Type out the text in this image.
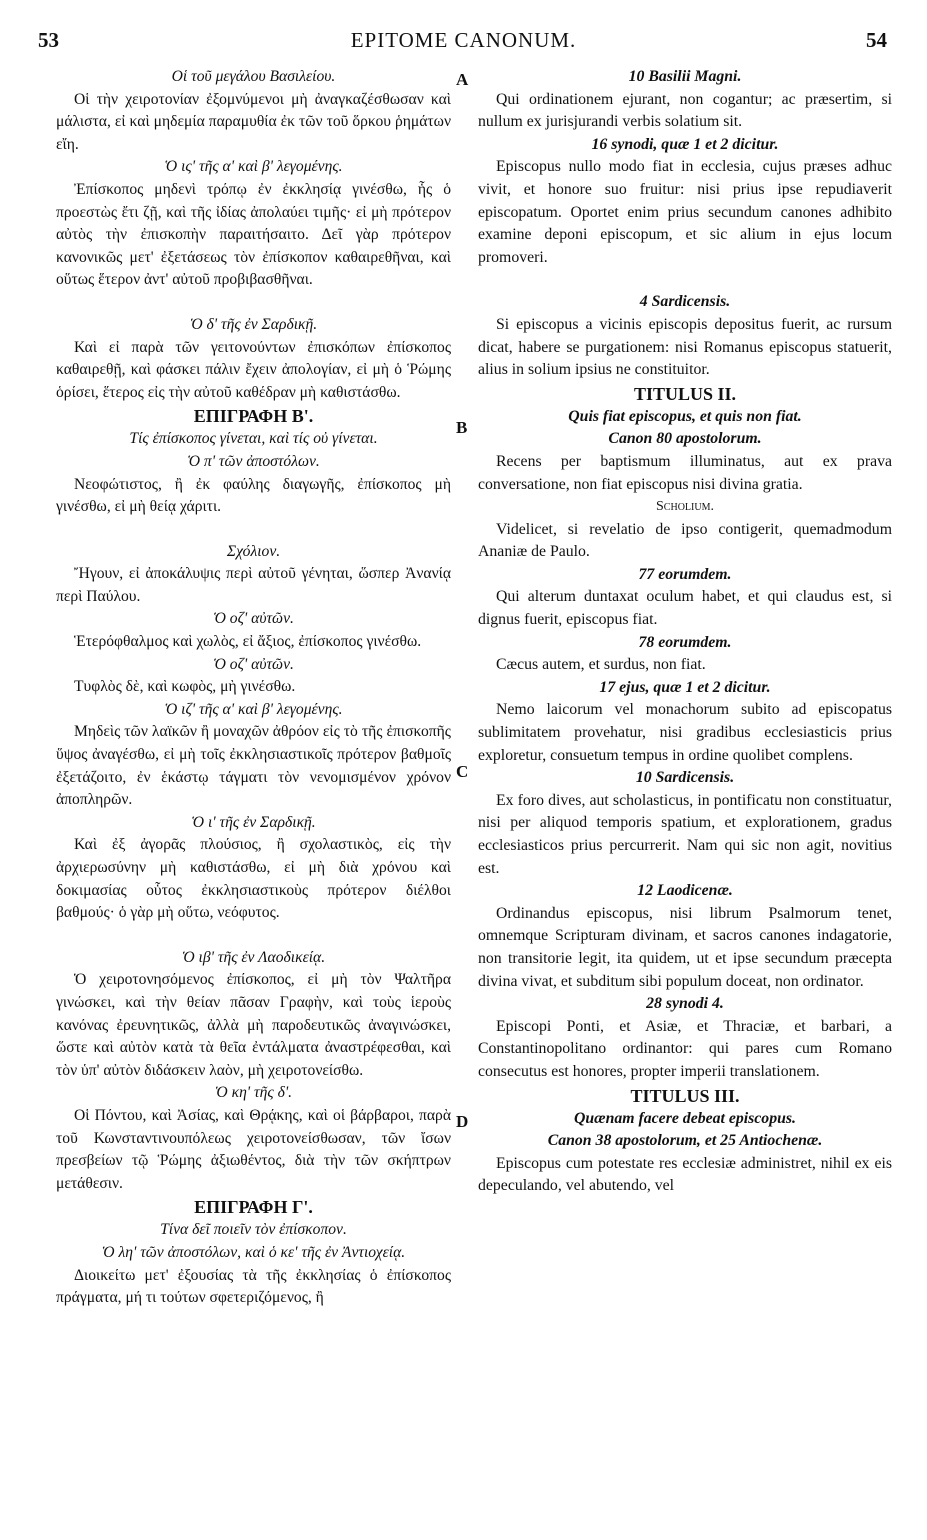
53	EPITOME CANONUM.	54
Οἱ τοῦ μεγάλου Βασιλείου.

Οἱ τὴν χειροτονίαν ἐξομνύμενοι μὴ ἀναγκαζέσθωσαν καὶ μάλιστα, εἰ καὶ μηδεμία παραμυθία ἐκ τῶν τοῦ ὅρκου ῥημάτων εἴη.

Ὁ ις' τῆς α' καὶ β' λεγομένης.

Ἐπίσκοπος μηδενὶ τρόπῳ ἐν ἐκκλησίᾳ γινέσθω, ἧς ὁ προεστὼς ἔτι ζῇ, καὶ τῆς ἰδίας ἀπολαύει τιμῆς· εἰ μὴ πρότερον αὐτὸς τὴν ἐπισκοπὴν παραιτήσαιτο. Δεῖ γὰρ πρότερον κανονικῶς μετ' ἐξετάσεως τὸν ἐπίσκοπον καθαιρεθῆναι, καὶ οὕτως ἕτερον ἀντ' αὐτοῦ προβιβασθῆναι.

Ὁ δ' τῆς ἐν Σαρδικῇ.

Καὶ εἰ παρὰ τῶν γειτονούντων ἐπισκόπων ἐπίσκοπος καθαιρεθῇ, καὶ φάσκει πάλιν ἔχειν ἀπολογίαν, εἰ μὴ ὁ Ῥώμης ὁρίσει, ἕτερος εἰς τὴν αὐτοῦ καθέδραν μὴ καθιστάσθω.

ΕΠΙΓΡΑΦΗ Β'.
Τίς ἐπίσκοπος γίνεται, καὶ τίς οὐ γίνεται.
Ὁ π' τῶν ἀποστόλων.

Νεοφώτιστος, ἢ ἐκ φαύλης διαγωγῆς, ἐπίσκοπος μὴ γινέσθω, εἰ μὴ θείᾳ χάριτι.

Σχόλιον.

Ἤγουν, εἰ ἀποκάλυψις περὶ αὐτοῦ γένηται, ὥσπερ Ἀνανίᾳ περὶ Παύλου.

Ὁ οζ' αὐτῶν.

Ἑτερόφθαλμος καὶ χωλὸς, εἰ ἄξιος, ἐπίσκοπος γινέσθω.

Ὁ οζ' αὐτῶν.

Τυφλὸς δὲ, καὶ κωφὸς, μὴ γινέσθω.

Ὁ ιζ' τῆς α' καὶ β' λεγομένης.

Μηδεὶς τῶν λαϊκῶν ἢ μοναχῶν ἀθρόον εἰς τὸ τῆς ἐπισκοπῆς ὕψος ἀναγέσθω, εἰ μὴ τοῖς ἐκκλησιαστικοῖς πρότερον βαθμοῖς ἐξετάζοιτο, ἐν ἑκάστῳ τάγματι τὸν νενομισμένον χρόνον ἀποπληρῶν.

Ὁ ι' τῆς ἐν Σαρδικῇ.

Καὶ ἐξ ἀγορᾶς πλούσιος, ἢ σχολαστικὸς, εἰς τὴν ἀρχιερωσύνην μὴ καθιστάσθω, εἰ μὴ διὰ χρόνου καὶ δοκιμασίας οὗτος ἐκκλησιαστικοὺς πρότερον διέλθοι βαθμούς· ὁ γὰρ μὴ οὕτω, νεόφυτος.

Ὁ ιβ' τῆς ἐν Λαοδικείᾳ.

Ὁ χειροτονησόμενος ἐπίσκοπος, εἰ μὴ τὸν Ψαλτῆρα γινώσκει, καὶ τὴν θείαν πᾶσαν Γραφὴν, καὶ τοὺς ἱεροὺς κανόνας ἐρευνητικῶς, ἀλλὰ μὴ παροδευτικῶς ἀναγινώσκει, ὥστε καὶ αὐτὸν κατὰ τὰ θεῖα ἐντάλματα ἀναστρέφεσθαι, καὶ τὸν ὑπ' αὐτὸν διδάσκειν λαὸν, μὴ χειροτονείσθω.

Ὁ κη' τῆς δ'.

Οἱ Πόντου, καὶ Ἀσίας, καὶ Θρᾴκης, καὶ οἱ βάρβαροι, παρὰ τοῦ Κωνσταντινουπόλεως χειροτονείσθωσαν, τῶν ἴσων πρεσβείων τῷ Ῥώμης ἀξιωθέντος, διὰ τὴν τῶν σκήπτρων μετάθεσιν.

ΕΠΙΓΡΑΦΗ Γ'.
Τίνα δεῖ ποιεῖν τὸν ἐπίσκοπον.
Ὁ λη' τῶν ἀποστόλων, καὶ ὁ κε' τῆς ἐν Ἀντιοχείᾳ.

Διοικείτω μετ' ἐξουσίας τὰ τῆς ἐκκλησίας ὁ ἐπίσκοπος πράγματα, μή τι τούτων σφετεριζόμενος, ἢ

10 Basilii Magni.

Qui ordinationem ejurant, non cogantur; ac præsertim, si nullum ex jurisjurandi verbis solatium sit.

16 synodi, quæ 1 et 2 dicitur.

Episcopus nullo modo fiat in ecclesia, cujus præses adhuc vivit, et honore suo fruitur: nisi prius ipse repudiaverit episcopatum. Oportet enim prius secundum canones adhibito examine deponi episcopum, et sic alium in ejus locum promoveri.

4 Sardicensis.

Si episcopus a vicinis episcopis depositus fuerit, ac rursum dicat, habere se purgationem: nisi Romanus episcopus statuerit, alius in solium ipsius ne constituitor.

TITULUS II.
Quis fiat episcopus, et quis non fiat.
Canon 80 apostolorum.

Recens per baptismum illuminatus, aut ex prava conversatione, non fiat episcopus nisi divina gratia.

Scholium.

Videlicet, si revelatio de ipso contigerit, quemadmodum Ananiæ de Paulo.

77 eorumdem.

Qui alterum duntaxat oculum habet, et qui claudus est, si dignus fuerit, episcopus fiat.

78 eorumdem.

Cæcus autem, et surdus, non fiat.

17 ejus, quæ 1 et 2 dicitur.

Nemo laicorum vel monachorum subito ad episcopatus sublimitatem provehatur, nisi gradibus ecclesiasticis prius exploretur, consuetum tempus in ordine quolibet complens.

10 Sardicensis.

Ex foro dives, aut scholasticus, in pontificatu non constituatur, nisi per aliquod temporis spatium, et explorationem, gradus ecclesiasticos prius percurrerit. Nam qui sic non agit, novitius est.

12 Laodicenæ.

Ordinandus episcopus, nisi librum Psalmorum tenet, omnemque Scripturam divinam, et sacros canones indagatorie, non transitorie legit, ita quidem, ut et ipse secundum præcepta divina vivat, et subditum sibi populum doceat, non ordinator.

28 synodi 4.

Episcopi Ponti, et Asiæ, et Thraciæ, et barbari, a Constantinopolitano ordinantor: qui pares cum Romano consecutus est honores, propter imperii translationem.

TITULUS III.
Quænam facere debeat episcopus.
Canon 38 apostolorum, et 25 Antiochenæ.

Episcopus cum potestate res ecclesiæ administret, nihil ex eis depeculando, vel abutendo, vel

A
B
C
D
